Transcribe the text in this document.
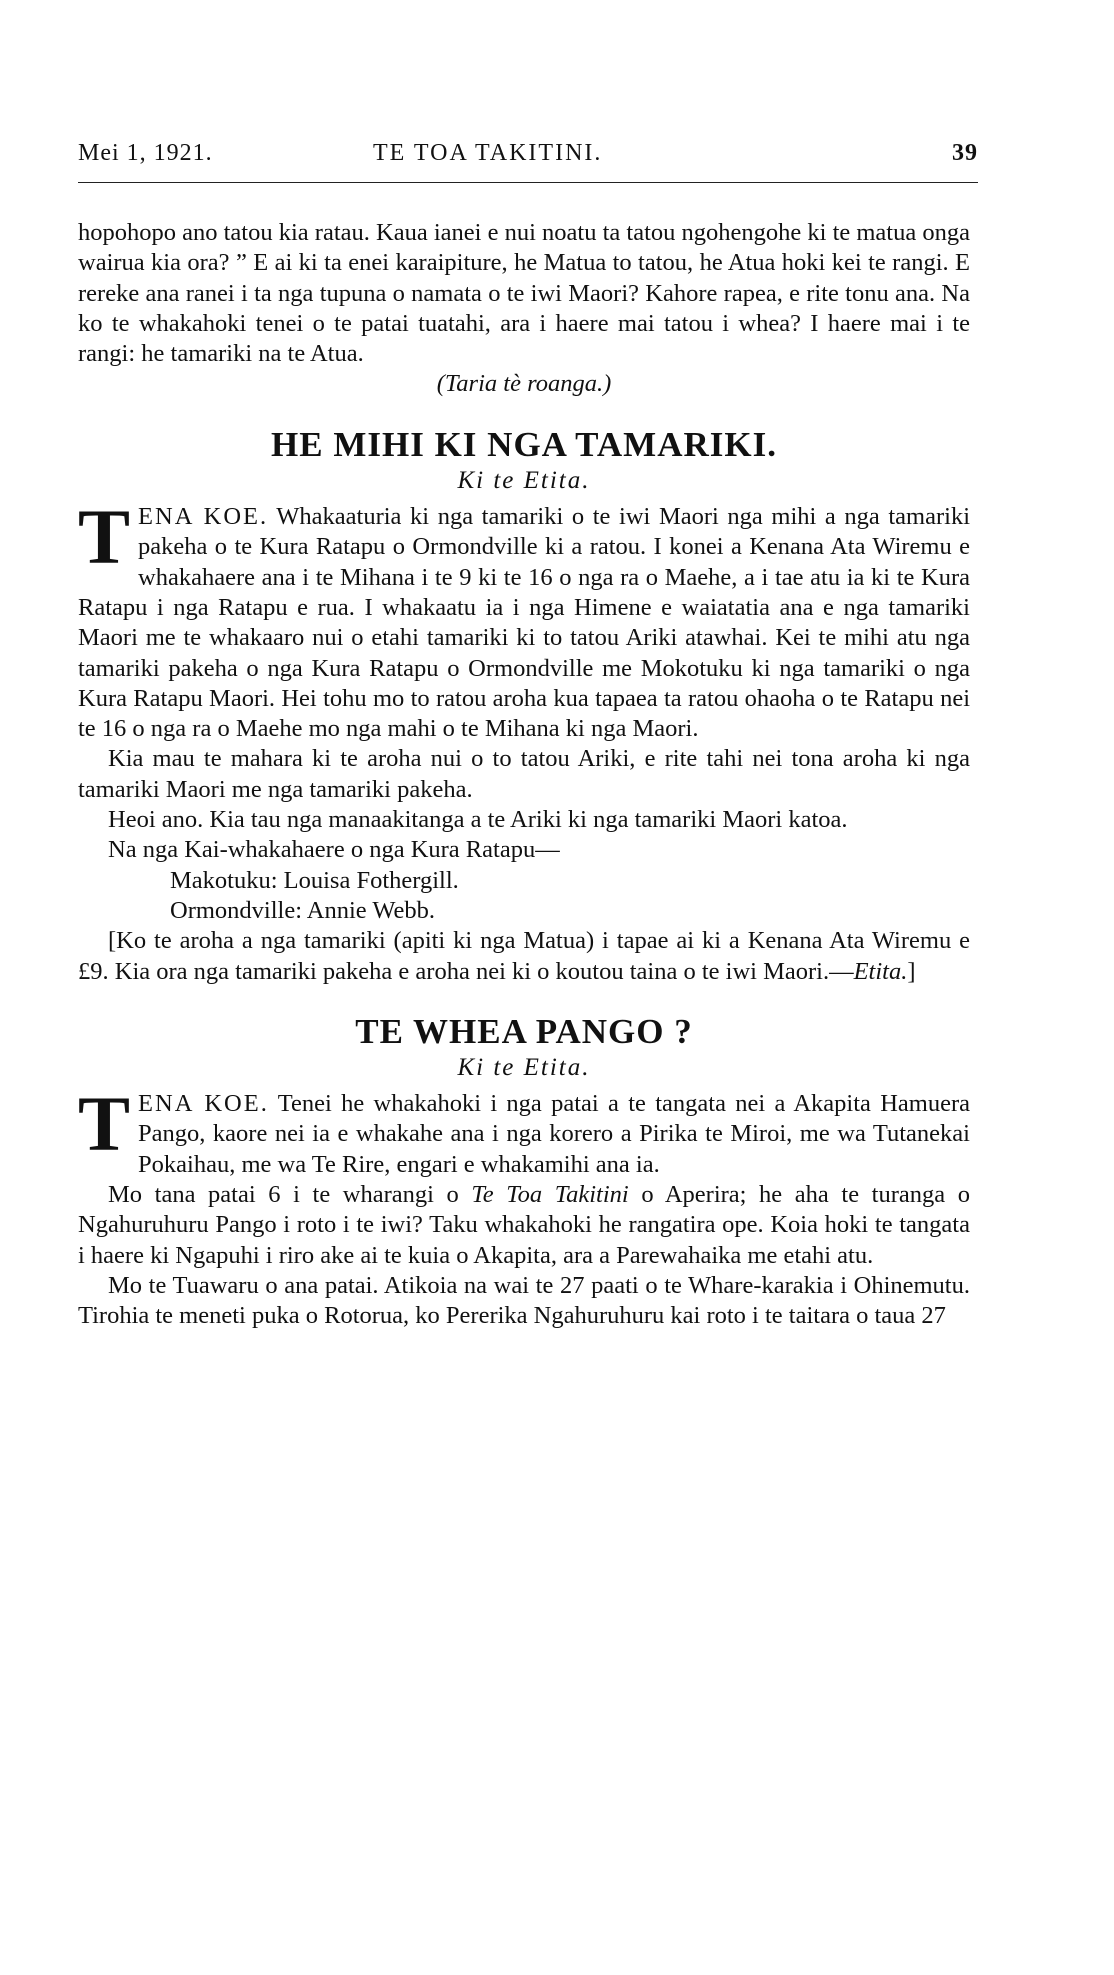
Mei 1, 1921.	TE TOA TAKITINI.	39

hopohopo ano tatou kia ratau. Kaua ianei e nui noatu ta tatou ngohengohe ki te matua onga wairua kia ora? ” E ai ki ta enei karaipiture, he Matua to tatou, he Atua hoki kei te rangi. E rereke ana ranei i ta nga tupuna o namata o te iwi Maori? Kahore rapea, e rite tonu ana. Na ko te whakahoki tenei o te patai tuatahi, ara i haere mai tatou i whea? I haere mai i te rangi: he tamariki na te Atua.

(Taria tè roanga.)

HE MIHI KI NGA TAMARIKI.

Ki te Etita.

TENA KOE. Whakaaturia ki nga tamariki o te iwi Maori nga mihi a nga tamariki pakeha o te Kura Ratapu o Ormondville ki a ratou. I konei a Kenana Ata Wiremu e whakahaere ana i te Mihana i te 9 ki te 16 o nga ra o Maehe, a i tae atu ia ki te Kura Ratapu i nga Ratapu e rua. I whakaatu ia i nga Himene e waiatatia ana e nga tamariki Maori me te whakaaro nui o etahi tamariki ki to tatou Ariki atawhai. Kei te mihi atu nga tamariki pakeha o nga Kura Ratapu o Ormondville me Mokotuku ki nga tamariki o nga Kura Ratapu Maori. Hei tohu mo to ratou aroha kua tapaea ta ratou ohaoha o te Ratapu nei te 16 o nga ra o Maehe mo nga mahi o te Mihana ki nga Maori.

Kia mau te mahara ki te aroha nui o to tatou Ariki, e rite tahi nei tona aroha ki nga tamariki Maori me nga tamariki pakeha.

Heoi ano. Kia tau nga manaakitanga a te Ariki ki nga tamariki Maori katoa.

Na nga Kai-whakahaere o nga Kura Ratapu—

Makotuku: Louisa Fothergill.

Ormondville: Annie Webb.

[Ko te aroha a nga tamariki (apiti ki nga Matua) i tapae ai ki a Kenana Ata Wiremu e £9. Kia ora nga tamariki pakeha e aroha nei ki o koutou taina o te iwi Maori.—Etita.]

TE WHEA PANGO ?

Ki te Etita.

TENA KOE. Tenei he whakahoki i nga patai a te tangata nei a Akapita Hamuera Pango, kaore nei ia e whakahe ana i nga korero a Pirika te Miroi, me wa Tutanekai Pokaihau, me wa Te Rire, engari e whakamihi ana ia.

Mo tana patai 6 i te wharangi o Te Toa Takitini o Aperira; he aha te turanga o Ngahuruhuru Pango i roto i te iwi? Taku whakahoki he rangatira ope. Koia hoki te tangata i haere ki Ngapuhi i riro ake ai te kuia o Akapita, ara a Parewahaika me etahi atu.

Mo te Tuawaru o ana patai. Atikoia na wai te 27 paati o te Whare-karakia i Ohinemutu. Tirohia te meneti puka o Rotorua, ko Pererika Ngahuruhuru kai roto i te taitara o taua 27
